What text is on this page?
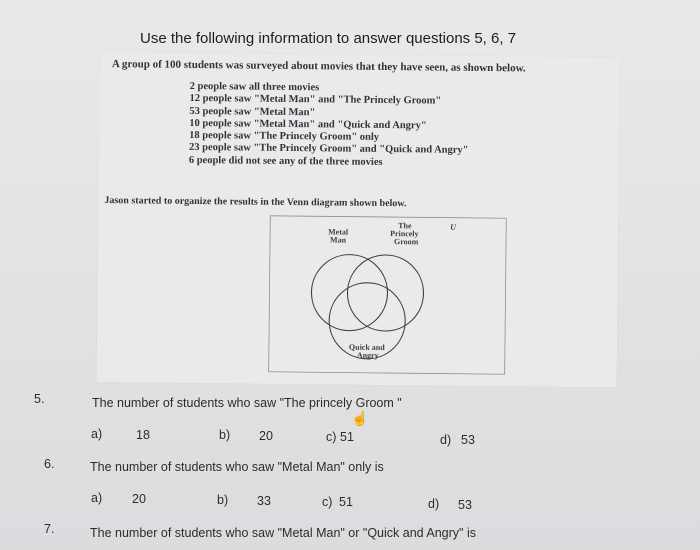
Use the following information to answer questions 5, 6, 7
A group of 100 students was surveyed about movies that they have seen, as shown below.
2 people saw all three movies
12 people saw "Metal Man" and "The Princely Groom"
53 people saw "Metal Man"
10 people saw "Metal Man" and "Quick and Angry"
18 people saw "The Princely Groom" only
23 people saw "The Princely Groom" and "Quick and Angry"
6 people did not see any of the three movies
Jason started to organize the results in the Venn diagram shown below.
U
Metal
Man
The
Princely
Groom
Quick and
Angry
5.	The number of students who saw "The princely Groom "
☝
a)	18	b) 20	c) 51	d) 53
6.	The number of students who saw "Metal Man" only is
a) 20	b) 33	c) 51	d) 53
7.	The number of students who saw "Metal Man" or "Quick and Angry" is
